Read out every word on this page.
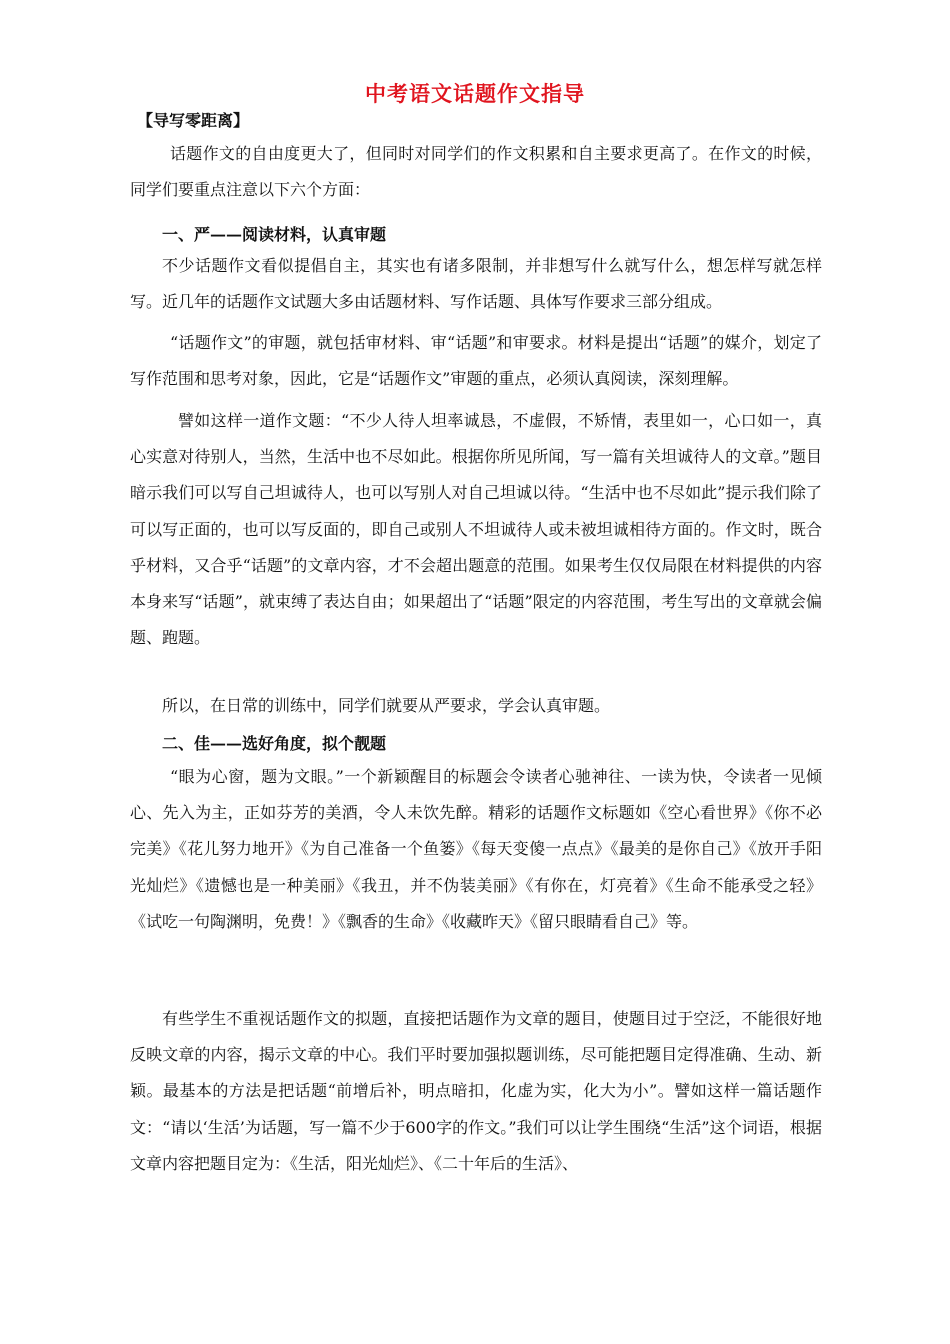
中考语文话题作文指导
【导写零距离】

话题作文的自由度更大了，但同时对同学们的作文积累和自主要求更高了。在作文的时候，同学们要重点注意以下六个方面：

一、严——阅读材料，认真审题

不少话题作文看似提倡自主，其实也有诸多限制，并非想写什么就写什么，想怎样写就怎样写。近几年的话题作文试题大多由话题材料、写作话题、具体写作要求三部分组成。

“话题作文”的审题，就包括审材料、审“话题”和审要求。材料是提出“话题”的媒介，划定了写作范围和思考对象，因此，它是“话题作文”审题的重点，必须认真阅读，深刻理解。

譬如这样一道作文题：“不少人待人坦率诚恳，不虚假，不矫情，表里如一，心口如一，真心实意对待别人，当然，生活中也不尽如此。根据你所见所闻，写一篇有关坦诚待人的文章。”题目暗示我们可以写自己坦诚待人，也可以写别人对自己坦诚以待。“生活中也不尽如此”提示我们除了可以写正面的，也可以写反面的，即自己或别人不坦诚待人或未被坦诚相待方面的。作文时，既合乎材料，又合乎“话题”的文章内容，才不会超出题意的范围。如果考生仅仅局限在材料提供的内容本身来写“话题”，就束缚了表达自由；如果超出了“话题”限定的内容范围，考生写出的文章就会偏题、跑题。

所以，在日常的训练中，同学们就要从严要求，学会认真审题。

二、佳——选好角度，拟个靓题

“眼为心窗，题为文眼。”一个新颖醒目的标题会令读者心驰神往、一读为快，令读者一见倾心、先入为主，正如芬芳的美酒，令人未饮先醉。精彩的话题作文标题如《空心看世界》《你不必完美》《花儿努力地开》《为自己准备一个鱼篓》《每天变傻一点点》《最美的是你自己》《放开手阳光灿烂》《遗憾也是一种美丽》《我丑，并不伪装美丽》《有你在，灯亮着》《生命不能承受之轻》《试吃一句陶渊明，免费！》《飘香的生命》《收藏昨天》《留只眼睛看自己》等。

有些学生不重视话题作文的拟题，直接把话题作为文章的题目，使题目过于空泛，不能很好地反映文章的内容，揭示文章的中心。我们平时要加强拟题训练，尽可能把题目定得准确、生动、新颖。最基本的方法是把话题“前增后补，明点暗扣，化虚为实，化大为小”。譬如这样一篇话题作文：“请以‘生活’为话题，写一篇不少于600字的作文。”我们可以让学生围绕“生活”这个词语，根据文章内容把题目定为：《生活，阳光灿烂》、《二十年后的生活》、
